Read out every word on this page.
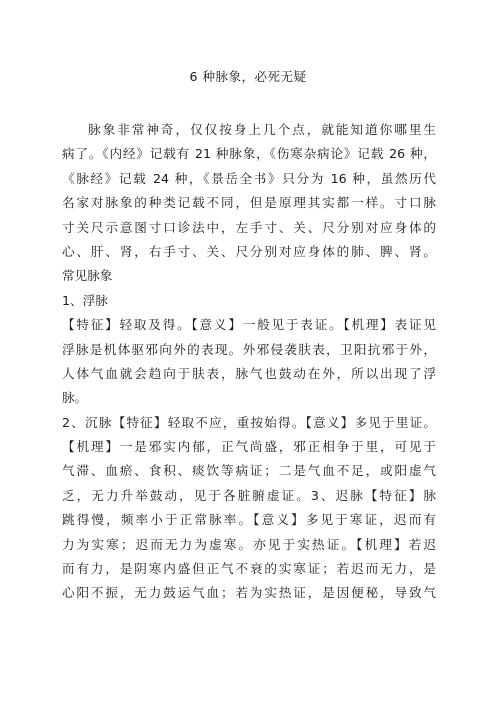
6 种脉象，必死无疑
脉象非常神奇，仅仅按身上几个点，就能知道你哪里生
病了。《内经》记载有 21 种脉象，《伤寒杂病论》记载 26 种，
《脉经》记载 24 种，《景岳全书》只分为 16 种，虽然历代
名家对脉象的种类记载不同，但是原理其实都一样。寸口脉
寸关尺示意图寸口诊法中，左手寸、关、尺分别对应身体的
心、肝、肾，右手寸、关、尺分别对应身体的肺、脾、肾。
常见脉象
1、浮脉
【特征】轻取及得。【意义】一般见于表证。【机理】表证见
浮脉是机体驱邪向外的表现。外邪侵袭肤表，卫阳抗邪于外，
人体气血就会趋向于肤表，脉气也鼓动在外，所以出现了浮
脉。
2、沉脉【特征】轻取不应，重按始得。【意义】多见于里证。
【机理】一是邪实内郁，正气尚盛，邪正相争于里，可见于
气滞、血瘀、食积、痰饮等病证；二是气血不足，或阳虚气
乏，无力升举鼓动，见于各脏腑虚证。3、迟脉【特征】脉
跳得慢，频率小于正常脉率。【意义】多见于寒证，迟而有
力为实寒；迟而无力为虚寒。亦见于实热证。【机理】若迟
而有力，是阴寒内盛但正气不衰的实寒证；若迟而无力，是
心阳不振，无力鼓运气血；若为实热证，是因便秘，导致气
